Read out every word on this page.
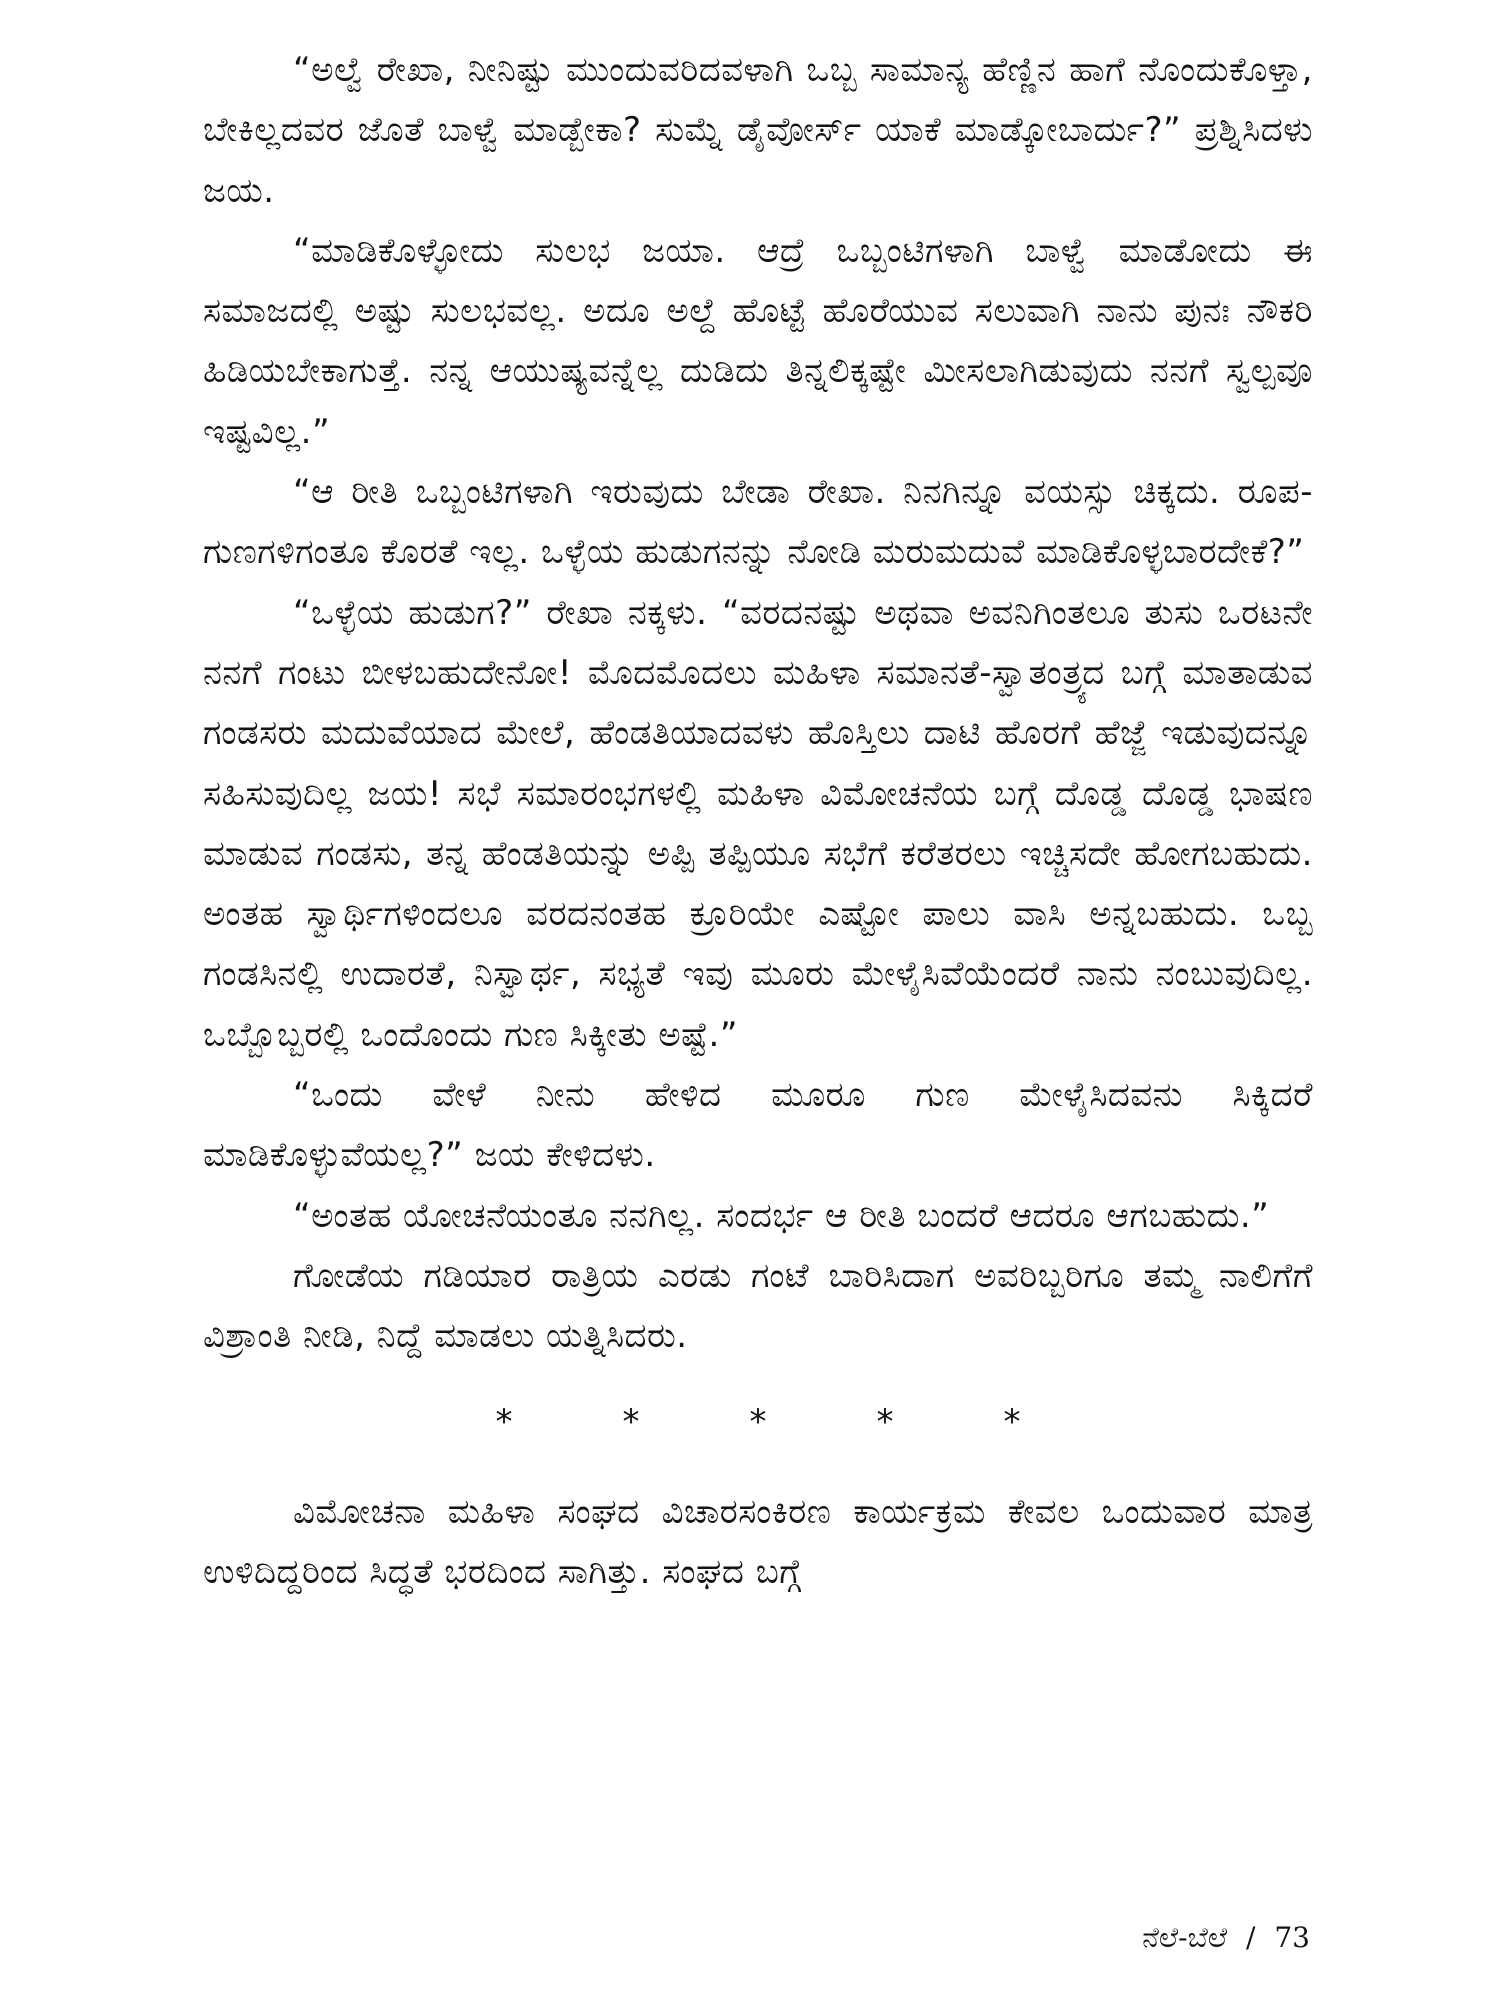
“ಅಲ್ವೆ ರೇಖಾ, ನೀನಿಷ್ಟು ಮುಂದುವರಿದವಳಾಗಿ ಒಬ್ಬ ಸಾಮಾನ್ಯ ಹೆಣ್ಣಿನ ಹಾಗೆ ನೊಂದುಕೊಳ್ತಾ, ಬೇಕಿಲ್ಲದವರ ಜೊತೆ ಬಾಳ್ವೆ ಮಾಡ್ಬೇಕಾ? ಸುಮ್ನೆ ಡೈವೋರ್ಸ್ ಯಾಕೆ ಮಾಡ್ಕೋಬಾರ್ದು?” ಪ್ರಶ್ನಿಸಿದಳು ಜಯ.

“ಮಾಡಿಕೊಳ್ಳೋದು ಸುಲಭ ಜಯಾ. ಆದ್ರೆ ಒಬ್ಬಂಟಿಗಳಾಗಿ ಬಾಳ್ವೆ ಮಾಡೋದು ಈ ಸಮಾಜದಲ್ಲಿ ಅಷ್ಟು ಸುಲಭವಲ್ಲ. ಅದೂ ಅಲ್ದೆ ಹೊಟ್ಟೆ ಹೊರೆಯುವ ಸಲುವಾಗಿ ನಾನು ಪುನಃ ನೌಕರಿ ಹಿಡಿಯಬೇಕಾಗುತ್ತೆ. ನನ್ನ ಆಯುಷ್ಯವನ್ನೆಲ್ಲ ದುಡಿದು ತಿನ್ನಲಿಕ್ಕಷ್ಟೇ ಮೀಸಲಾಗಿಡುವುದು ನನಗೆ ಸ್ವಲ್ಪವೂ ಇಷ್ಟವಿಲ್ಲ.”

“ಆ ರೀತಿ ಒಬ್ಬಂಟಿಗಳಾಗಿ ಇರುವುದು ಬೇಡಾ ರೇಖಾ. ನಿನಗಿನ್ನೂ ವಯಸ್ಸು ಚಿಕ್ಕದು. ರೂಪ-ಗುಣಗಳಿಗಂತೂ ಕೊರತೆ ಇಲ್ಲ. ಒಳ್ಳೆಯ ಹುಡುಗನನ್ನು ನೋಡಿ ಮರುಮದುವೆ ಮಾಡಿಕೊಳ್ಳಬಾರದೇಕೆ?”

“ಒಳ್ಳೆಯ ಹುಡುಗ?” ರೇಖಾ ನಕ್ಕಳು. “ವರದನಷ್ಟು ಅಥವಾ ಅವನಿಗಿಂತಲೂ ತುಸು ಒರಟನೇ ನನಗೆ ಗಂಟು ಬೀಳಬಹುದೇನೋ! ಮೊದಮೊದಲು ಮಹಿಳಾ ಸಮಾನತೆ-ಸ್ವಾತಂತ್ರ್ಯದ ಬಗ್ಗೆ ಮಾತಾಡುವ ಗಂಡಸರು ಮದುವೆಯಾದ ಮೇಲೆ, ಹೆಂಡತಿಯಾದವಳು ಹೊಸ್ತಿಲು ದಾಟಿ ಹೊರಗೆ ಹೆಜ್ಜೆ ಇಡುವುದನ್ನೂ ಸಹಿಸುವುದಿಲ್ಲ ಜಯ! ಸಭೆ ಸಮಾರಂಭಗಳಲ್ಲಿ ಮಹಿಳಾ ವಿಮೋಚನೆಯ ಬಗ್ಗೆ ದೊಡ್ಡ ದೊಡ್ಡ ಭಾಷಣ ಮಾಡುವ ಗಂಡಸು, ತನ್ನ ಹೆಂಡತಿಯನ್ನು ಅಪ್ಪಿ ತಪ್ಪಿಯೂ ಸಭೆಗೆ ಕರೆತರಲು ಇಚ್ಚಿಸದೇ ಹೋಗಬಹುದು. ಅಂತಹ ಸ್ವಾರ್ಥಿಗಳಿಂದಲೂ ವರದನಂತಹ ಕ್ರೂರಿಯೇ ಎಷ್ಟೋ ಪಾಲು ವಾಸಿ ಅನ್ನಬಹುದು. ಒಬ್ಬ ಗಂಡಸಿನಲ್ಲಿ ಉದಾರತೆ, ನಿಸ್ವಾರ್ಥ, ಸಭ್ಯತೆ ಇವು ಮೂರು ಮೇಳೈಸಿವೆಯೆಂದರೆ ನಾನು ನಂಬುವುದಿಲ್ಲ. ಒಬ್ಬೊಬ್ಬರಲ್ಲಿ ಒಂದೊಂದು ಗುಣ ಸಿಕ್ಕೀತು ಅಷ್ಟೆ.”

“ಒಂದು ವೇಳೆ ನೀನು ಹೇಳಿದ ಮೂರೂ ಗುಣ ಮೇಳೈಸಿದವನು ಸಿಕ್ಕಿದರೆ ಮಾಡಿಕೊಳ್ಳುವೆಯಲ್ಲ?” ಜಯ ಕೇಳಿದಳು.

“ಅಂತಹ ಯೋಚನೆಯಂತೂ ನನಗಿಲ್ಲ. ಸಂದರ್ಭ ಆ ರೀತಿ ಬಂದರೆ ಆದರೂ ಆಗಬಹುದು.”

ಗೋಡೆಯ ಗಡಿಯಾರ ರಾತ್ರಿಯ ಎರಡು ಗಂಟೆ ಬಾರಿಸಿದಾಗ ಅವರಿಬ್ಬರಿಗೂ ತಮ್ಮ ನಾಲಿಗೆಗೆ ವಿಶ್ರಾಂತಿ ನೀಡಿ, ನಿದ್ದೆ ಮಾಡಲು ಯತ್ನಿಸಿದರು.

*	*	*	*	*

ವಿಮೋಚನಾ ಮಹಿಳಾ ಸಂಘದ ವಿಚಾರಸಂಕಿರಣ ಕಾರ್ಯಕ್ರಮ ಕೇವಲ ಒಂದುವಾರ ಮಾತ್ರ ಉಳಿದಿದ್ದರಿಂದ ಸಿದ್ಧತೆ ಭರದಿಂದ ಸಾಗಿತ್ತು. ಸಂಘದ ಬಗ್ಗೆ

ನೆಲೆ-ಬೆಲೆ / 73
